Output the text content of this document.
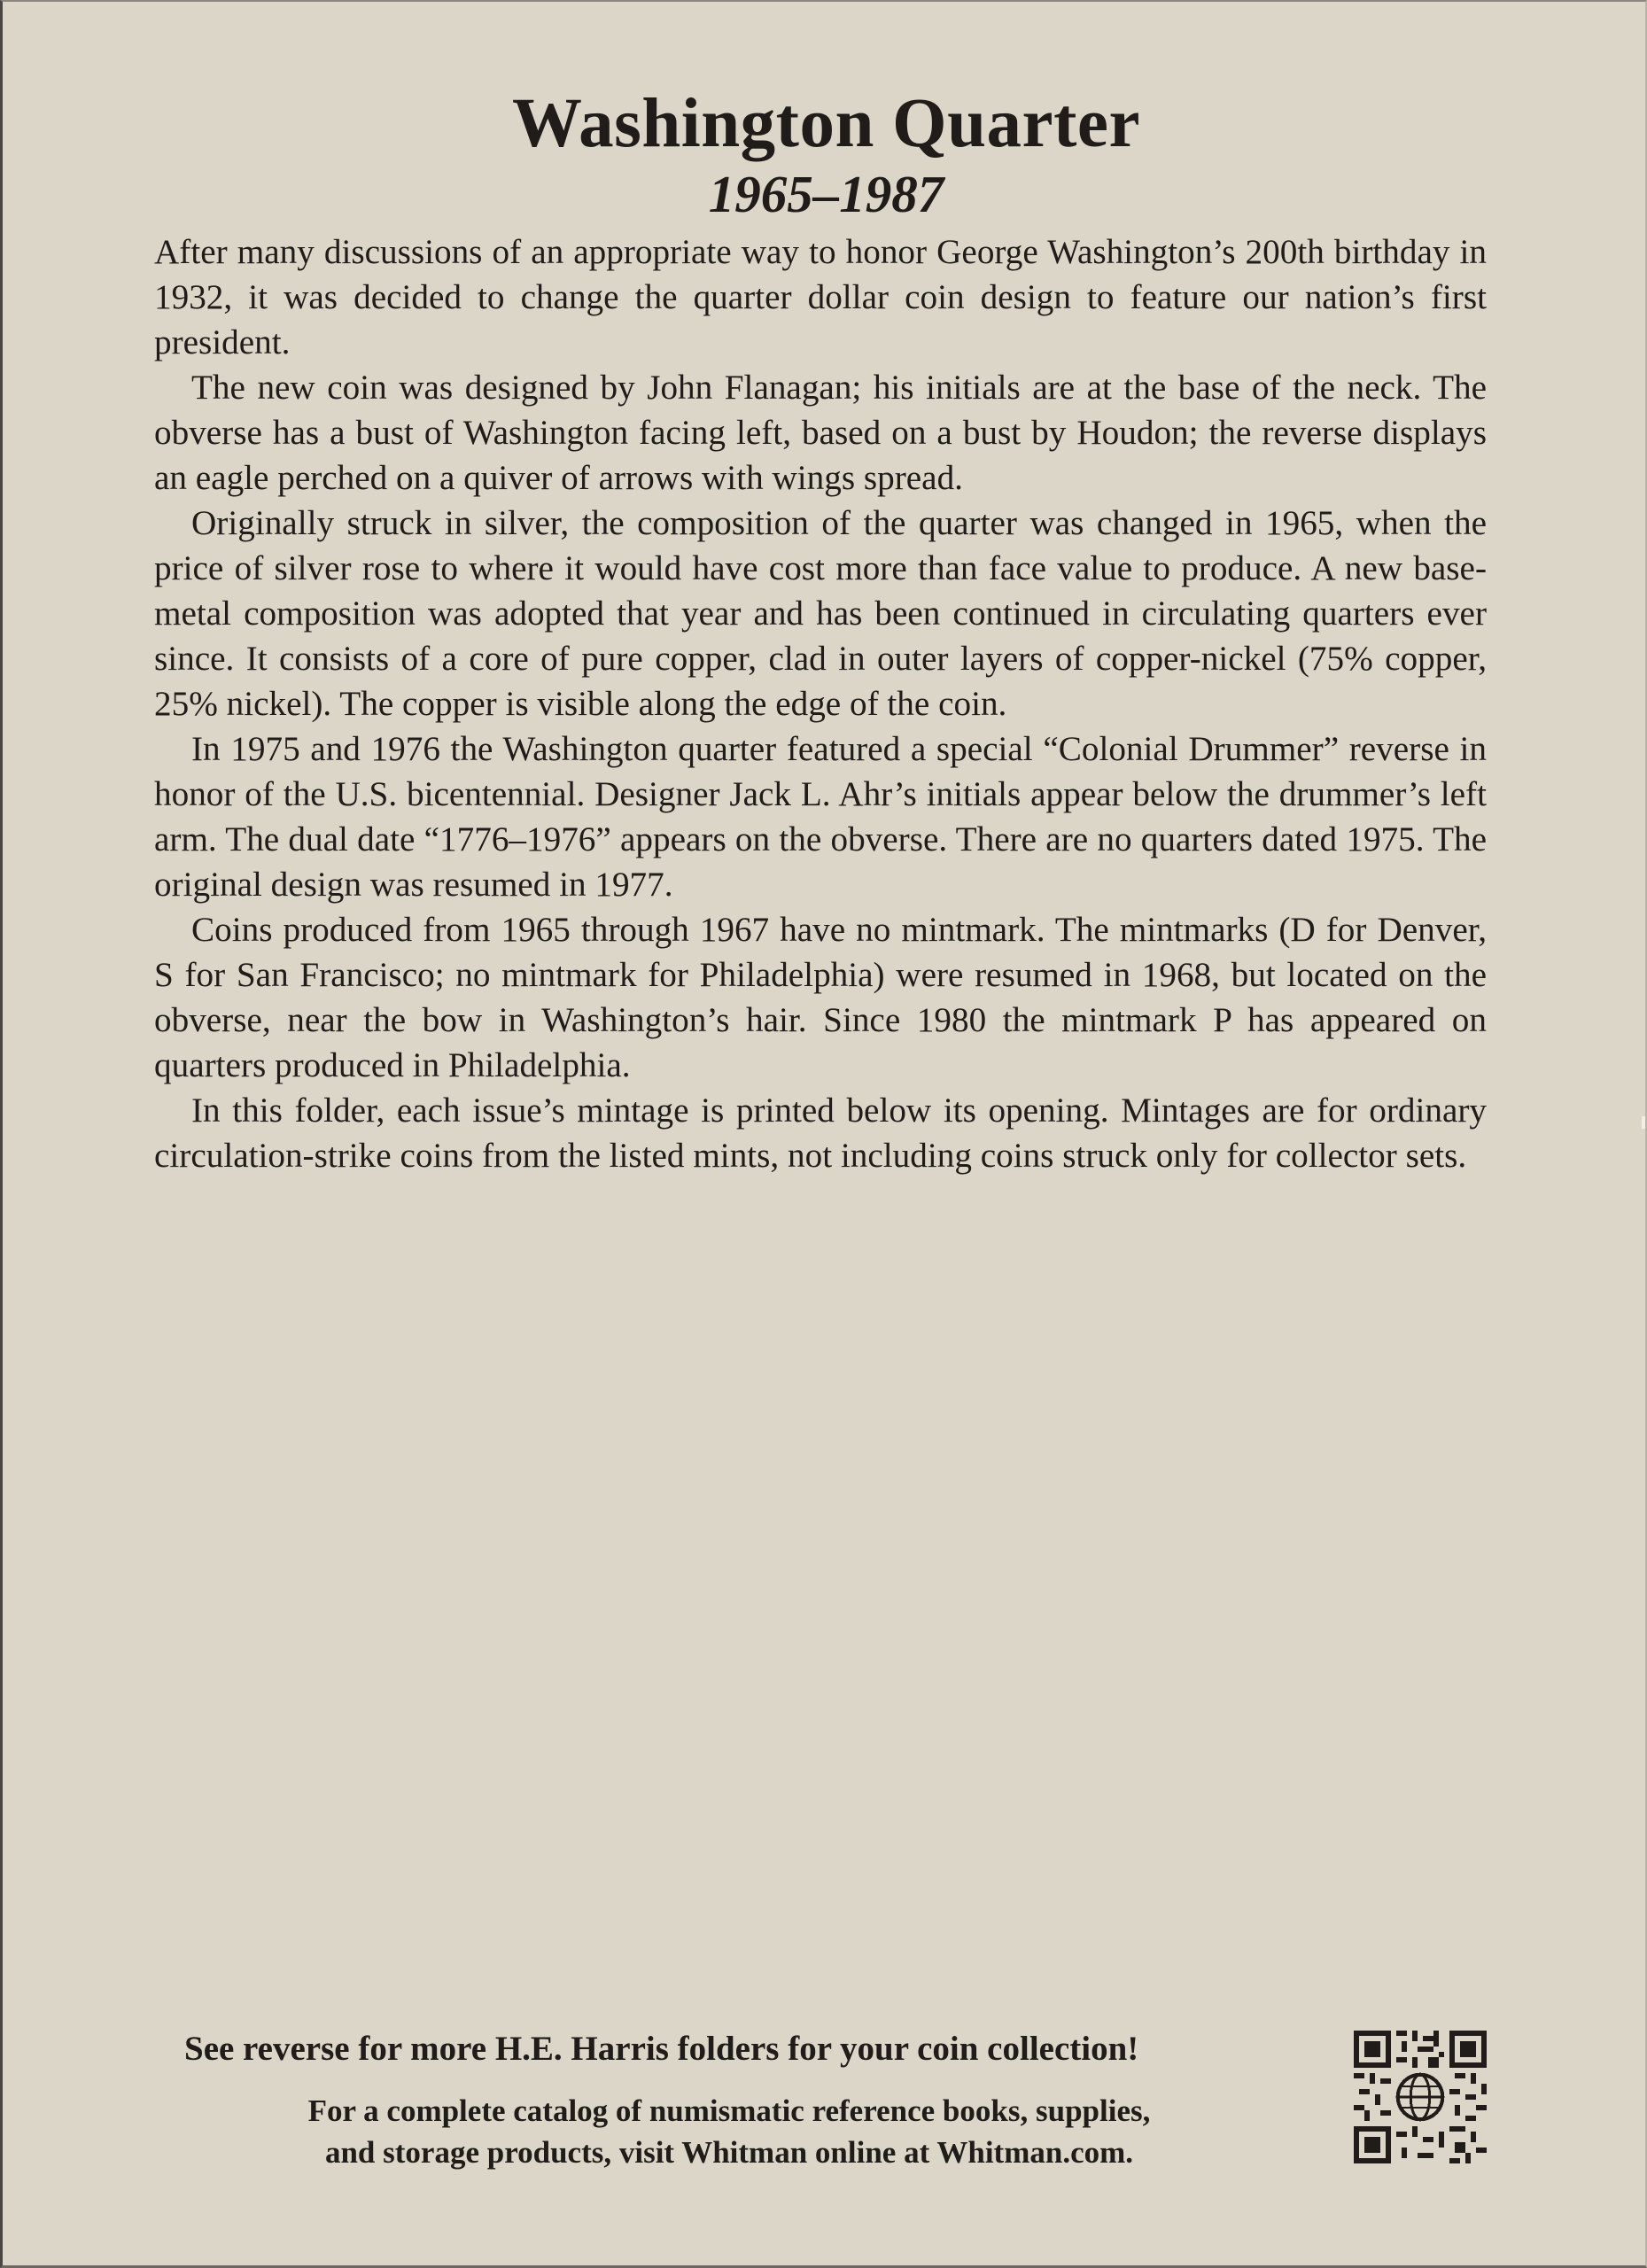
Washington Quarter
1965–1987

After many discussions of an appropriate way to honor George Washington’s 200th birthday in 1932, it was decided to change the quarter dollar coin design to feature our nation’s first president.

The new coin was designed by John Flanagan; his initials are at the base of the neck. The obverse has a bust of Washington facing left, based on a bust by Houdon; the reverse displays an eagle perched on a quiver of arrows with wings spread.

Originally struck in silver, the composition of the quarter was changed in 1965, when the price of silver rose to where it would have cost more than face value to produce. A new base-metal composition was adopted that year and has been continued in circulating quarters ever since. It consists of a core of pure copper, clad in outer layers of copper-nickel (75% copper, 25% nickel). The copper is visible along the edge of the coin.

In 1975 and 1976 the Washington quarter featured a special “Colonial Drummer” reverse in honor of the U.S. bicentennial. Designer Jack L. Ahr’s initials appear below the drummer’s left arm. The dual date “1776–1976” appears on the obverse. There are no quarters dated 1975. The original design was resumed in 1977.

Coins produced from 1965 through 1967 have no mintmark. The mintmarks (D for Denver, S for San Francisco; no mintmark for Philadelphia) were resumed in 1968, but located on the obverse, near the bow in Washington’s hair. Since 1980 the mintmark P has appeared on quarters produced in Philadelphia.

In this folder, each issue’s mintage is printed below its opening. Mintages are for ordinary circulation-strike coins from the listed mints, not including coins struck only for collector sets.

See reverse for more H.E. Harris folders for your coin collection!
For a complete catalog of numismatic reference books, supplies,
and storage products, visit Whitman online at Whitman.com.
